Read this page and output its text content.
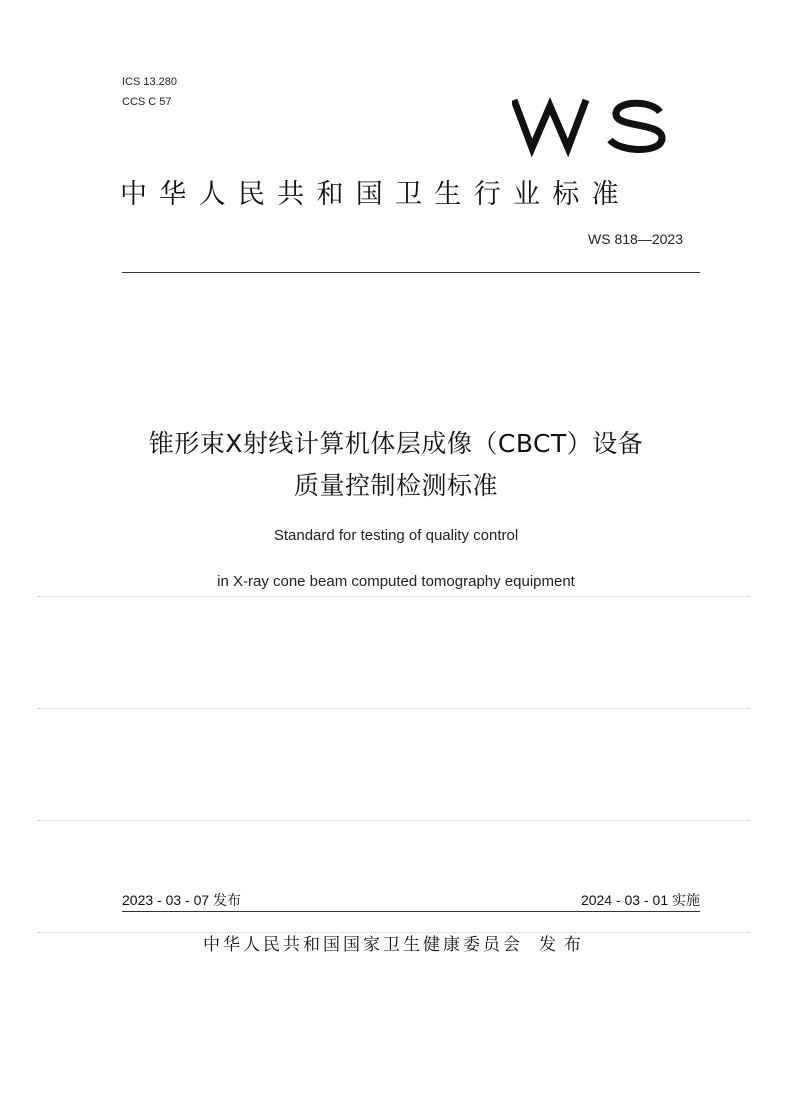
ICS 13.280
CCS C 57
中华人民共和国卫生行业标准
WS 818—2023
锥形束X射线计算机体层成像（CBCT）设备
质量控制检测标准
Standard for testing of quality control
in X-ray cone beam computed tomography equipment
2023 - 03 - 07 发布	2024 - 03 - 01 实施
中华人民共和国国家卫生健康委员会 发布
